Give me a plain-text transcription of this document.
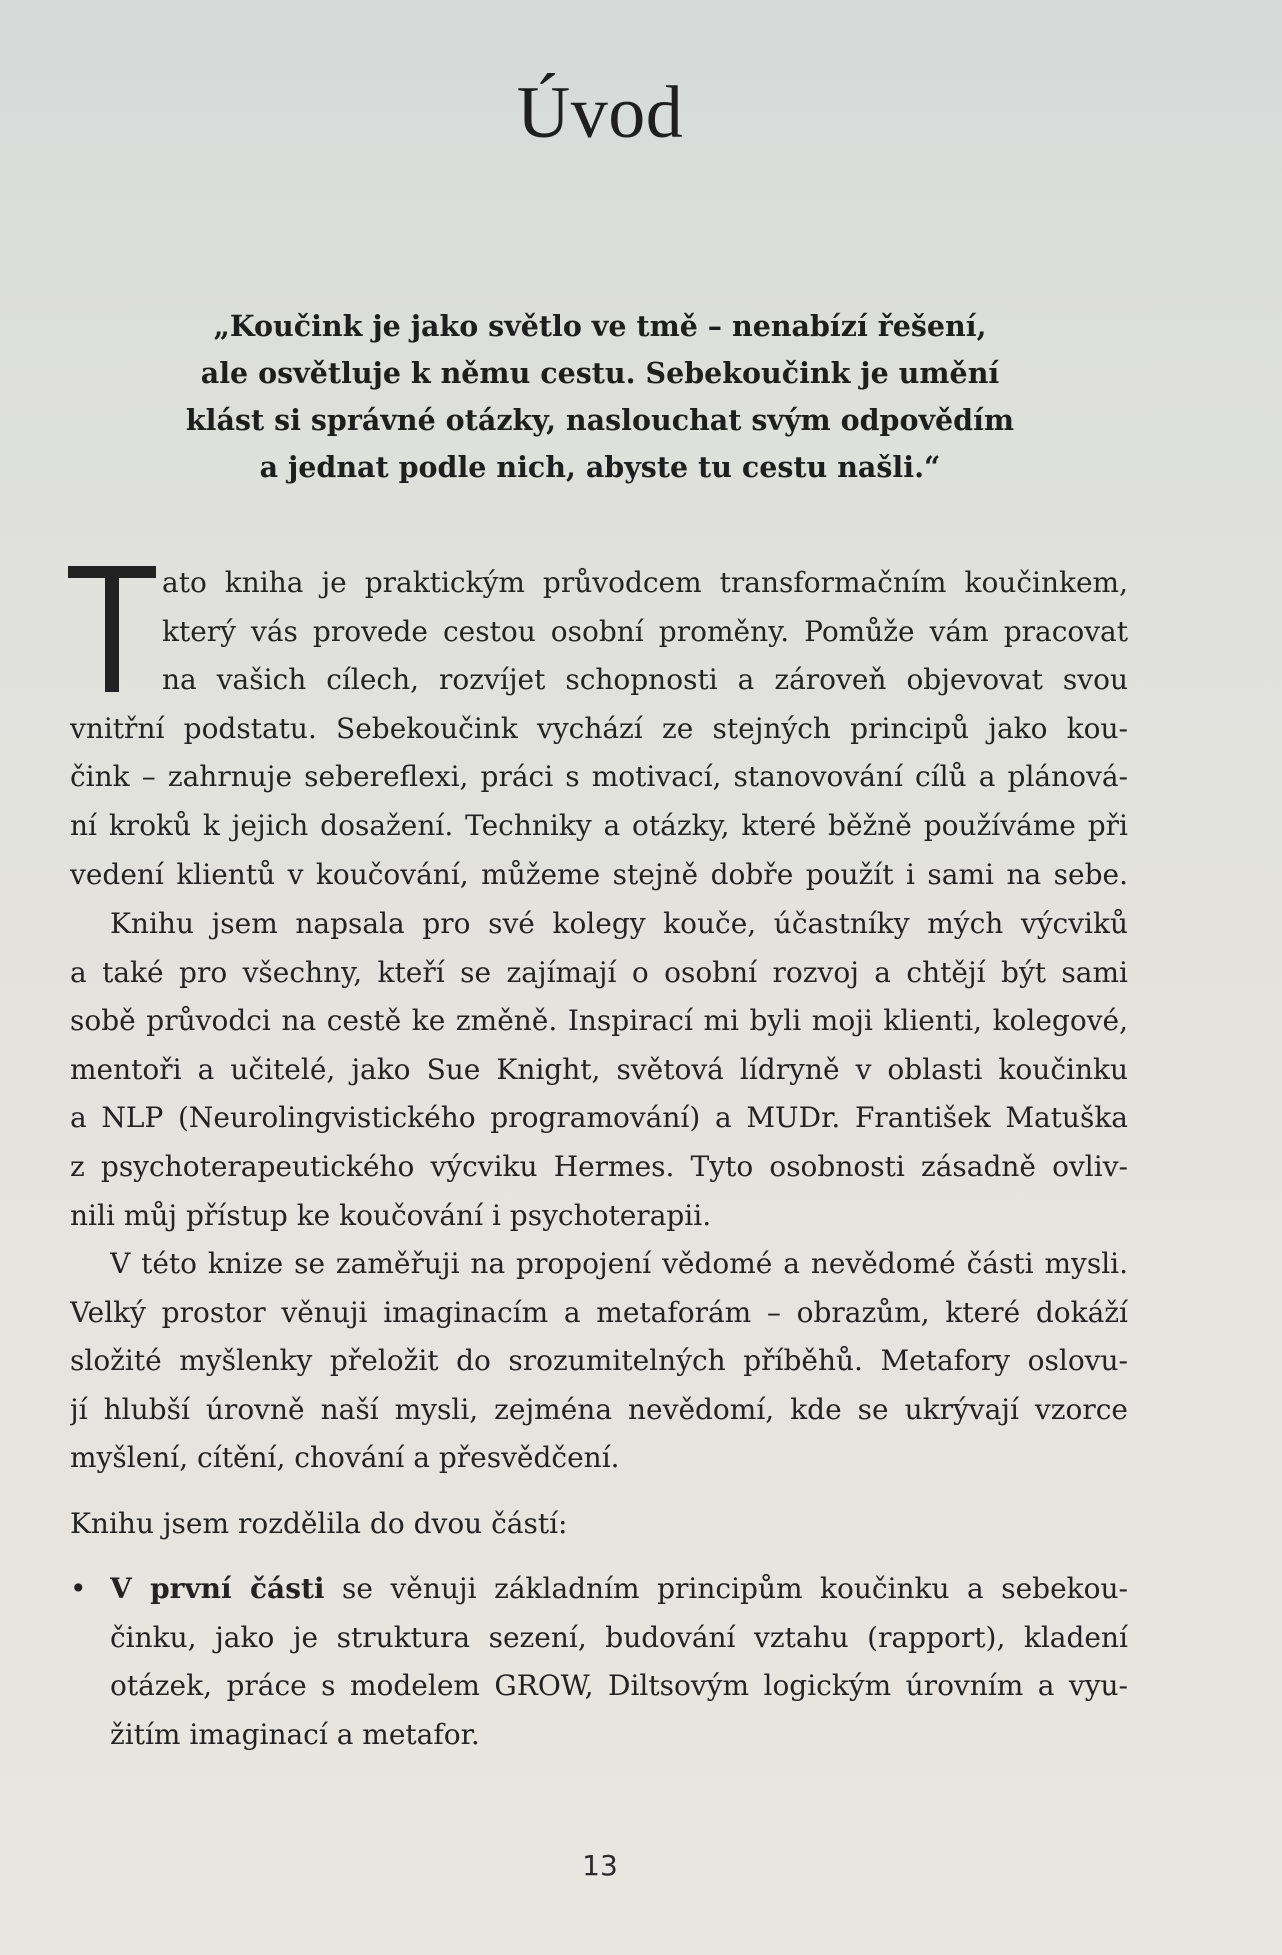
Úvod
„Koučink je jako světlo ve tmě – nenabízí řešení,
ale osvětluje k němu cestu. Sebekoučink je umění
klást si správné otázky, naslouchat svým odpovědím
a jednat podle nich, abyste tu cestu našli.“
ato kniha je praktickým průvodcem transformačním koučinkem,
který vás provede cestou osobní proměny. Pomůže vám pracovat
na vašich cílech, rozvíjet schopnosti a zároveň objevovat svou
vnitřní podstatu. Sebekoučink vychází ze stejných principů jako kou-
čink – zahrnuje sebereflexi, práci s motivací, stanovování cílů a plánová-
ní kroků k jejich dosažení. Techniky a otázky, které běžně používáme při
vedení klientů v koučování, můžeme stejně dobře použít i sami na sebe.
Knihu jsem napsala pro své kolegy kouče, účastníky mých výcviků
a také pro všechny, kteří se zajímají o osobní rozvoj a chtějí být sami
sobě průvodci na cestě ke změně. Inspirací mi byli moji klienti, kolegové,
mentoři a učitelé, jako Sue Knight, světová lídryně v oblasti koučinku
a NLP (Neurolingvistického programování) a MUDr. František Matuška
z psychoterapeutického výcviku Hermes. Tyto osobnosti zásadně ovliv-
nili můj přístup ke koučování i psychoterapii.
V této knize se zaměřuji na propojení vědomé a nevědomé části mysli.
Velký prostor věnuji imaginacím a metaforám – obrazům, které dokáží
složité myšlenky přeložit do srozumitelných příběhů. Metafory oslovu-
jí hlubší úrovně naší mysli, zejména nevědomí, kde se ukrývají vzorce
myšlení, cítění, chování a přesvědčení.
Knihu jsem rozdělila do dvou částí:
• V první části se věnuji základním principům koučinku a sebekou-
činku, jako je struktura sezení, budování vztahu (rapport), kladení
otázek, práce s modelem GROW, Diltsovým logickým úrovním a vyu-
žitím imaginací a metafor.
13
